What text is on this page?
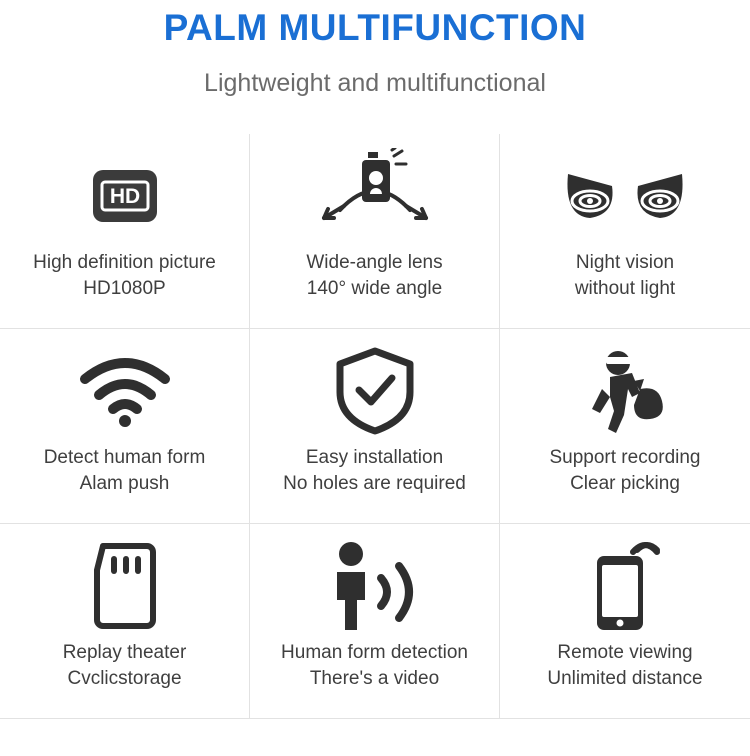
PALM MULTIFUNCTION
Lightweight and multifunctional
HD
High definition picture
HD1080P
Wide-angle lens
140° wide angle
Night vision
without light
Detect human form
Alam push
Easy installation
No holes are required
Support recording
Clear picking
Replay theater
Cvclicstorage
Human form detection
There's a video
Remote viewing
Unlimited distance
